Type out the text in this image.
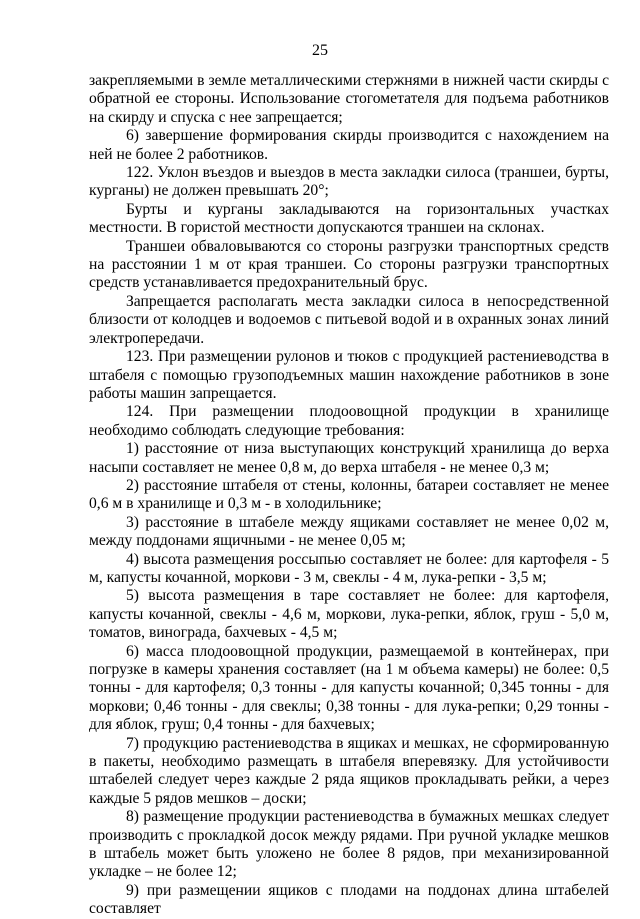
25

закрепляемыми в земле металлическими стержнями в нижней части скирды с обратной ее стороны. Использование стогометателя для подъема работников на скирду и спуска с нее запрещается;

6) завершение формирования скирды производится с нахождением на ней не более 2 работников.

122. Уклон въездов и выездов в места закладки силоса (траншеи, бурты, курганы) не должен превышать 20°;

Бурты и курганы закладываются на горизонтальных участках местности. В гористой местности допускаются траншеи на склонах.

Траншеи обваловываются со стороны разгрузки транспортных средств на расстоянии 1 м от края траншеи. Со стороны разгрузки транспортных средств устанавливается предохранительный брус.

Запрещается располагать места закладки силоса в непосредственной близости от колодцев и водоемов с питьевой водой и в охранных зонах линий электропередачи.

123. При размещении рулонов и тюков с продукцией растениеводства в штабеля с помощью грузоподъемных машин нахождение работников в зоне работы машин запрещается.

124. При размещении плодоовощной продукции в хранилище необходимо соблюдать следующие требования:

1) расстояние от низа выступающих конструкций хранилища до верха насыпи составляет не менее 0,8 м, до верха штабеля - не менее 0,3 м;

2) расстояние штабеля от стены, колонны, батареи составляет не менее 0,6 м в хранилище и 0,3 м - в холодильнике;

3) расстояние в штабеле между ящиками составляет не менее 0,02 м, между поддонами ящичными - не менее 0,05 м;

4) высота размещения россыпью составляет не более: для картофеля - 5 м, капусты кочанной, моркови - 3 м, свеклы - 4 м, лука-репки - 3,5 м;

5) высота размещения в таре составляет не более: для картофеля, капусты кочанной, свеклы - 4,6 м, моркови, лука-репки, яблок, груш - 5,0 м, томатов, винограда, бахчевых - 4,5 м;

6) масса плодоовощной продукции, размещаемой в контейнерах, при погрузке в камеры хранения составляет (на 1 м объема камеры) не более: 0,5 тонны - для картофеля; 0,3 тонны - для капусты кочанной; 0,345 тонны - для моркови; 0,46 тонны - для свеклы; 0,38 тонны - для лука-репки; 0,29 тонны - для яблок, груш; 0,4 тонны - для бахчевых;

7) продукцию растениеводства в ящиках и мешках, не сформированную в пакеты, необходимо размещать в штабеля вперевязку. Для устойчивости штабелей следует через каждые 2 ряда ящиков прокладывать рейки, а через каждые 5 рядов мешков – доски;

8) размещение продукции растениеводства в бумажных мешках следует производить с прокладкой досок между рядами. При ручной укладке мешков в штабель может быть уложено не более 8 рядов, при механизированной укладке – не более 12;

9) при размещении ящиков с плодами на поддонах длина штабелей составляет
